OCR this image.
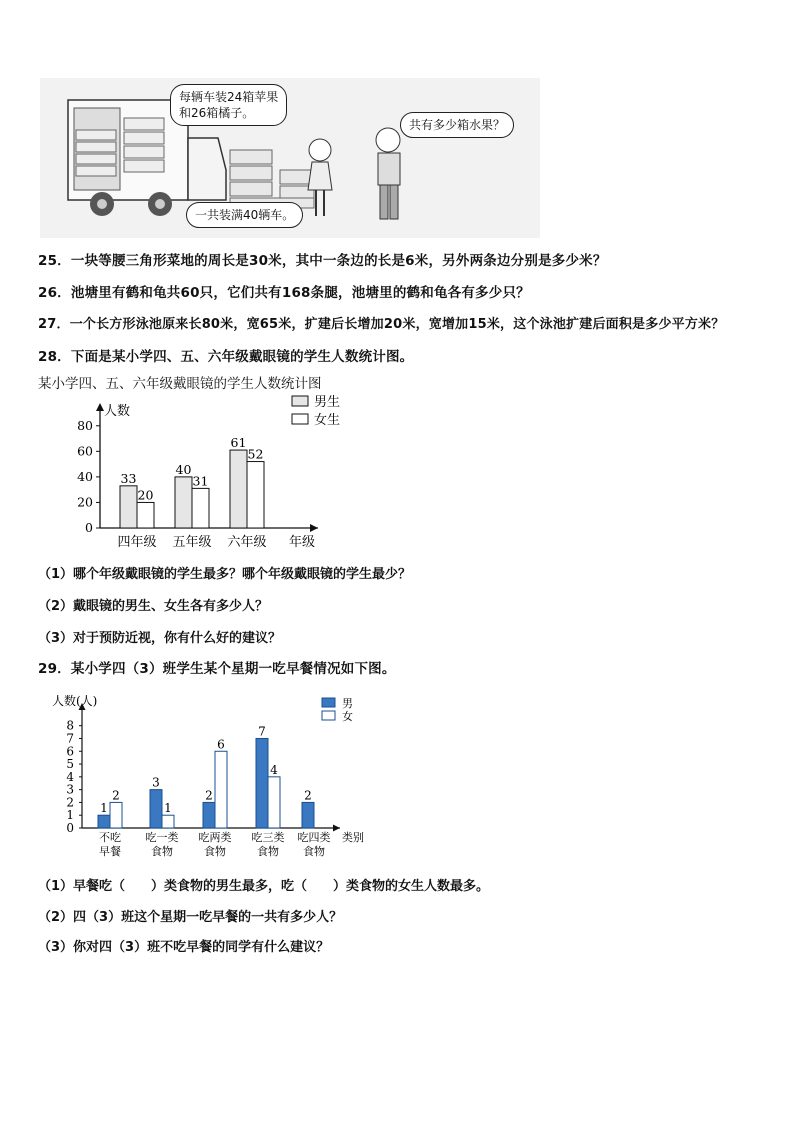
每辆车装24箱苹果
和26箱橘子。
共有多少箱水果？
一共装满40辆车。
25．一块等腰三角形菜地的周长是30米，其中一条边的长是6米，另外两条边分别是多少米？
26．池塘里有鹤和龟共60只，它们共有168条腿，池塘里的鹤和龟各有多少只？
27．一个长方形泳池原来长80米，宽65米，扩建后长增加20米，宽增加15米，这个泳池扩建后面积是多少平方米？
28．下面是某小学四、五、六年级戴眼镜的学生人数统计图。
某小学四、五、六年级戴眼镜的学生人数统计图
人数
0
20
40
60
80
33
20
四年级
40
31
五年级
61
52
六年级 年级
男生
女生
（1）哪个年级戴眼镜的学生最多？哪个年级戴眼镜的学生最少？
（2）戴眼镜的男生、女生各有多少人？
（3）对于预防近视，你有什么好的建议？
29．某小学四（3）班学生某个星期一吃早餐情况如下图。
人数(人)
0
1
2
3
4
5
6
7
8
1
2
不吃
早餐
3
1
吃一类
食物
2
6
吃两类
食物
7
4
吃三类
食物
2
吃四类
食物
类别
男
女
（1）早餐吃（　　）类食物的男生最多，吃（　　）类食物的女生人数最多。
（2）四（3）班这个星期一吃早餐的一共有多少人？
（3）你对四（3）班不吃早餐的同学有什么建议？
